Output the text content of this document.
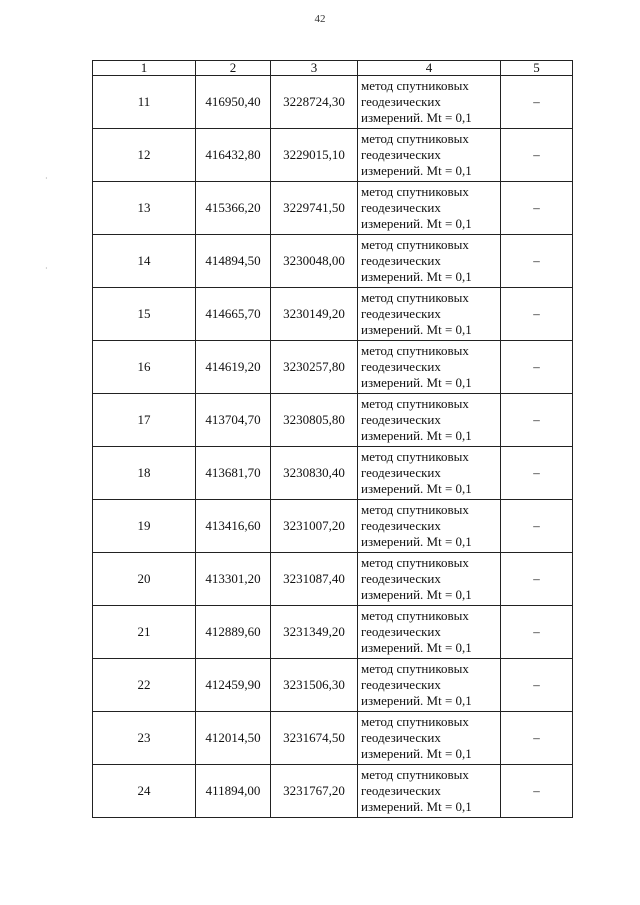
42
·
·
1	2	3	4	5
11	416950,40	3228724,30	метод спутниковых
геодезических
измерений. Mt = 0,1	–
12	416432,80	3229015,10	метод спутниковых
геодезических
измерений. Mt = 0,1	–
13	415366,20	3229741,50	метод спутниковых
геодезических
измерений. Mt = 0,1	–
14	414894,50	3230048,00	метод спутниковых
геодезических
измерений. Mt = 0,1	–
15	414665,70	3230149,20	метод спутниковых
геодезических
измерений. Mt = 0,1	–
16	414619,20	3230257,80	метод спутниковых
геодезических
измерений. Mt = 0,1	–
17	413704,70	3230805,80	метод спутниковых
геодезических
измерений. Mt = 0,1	–
18	413681,70	3230830,40	метод спутниковых
геодезических
измерений. Mt = 0,1	–
19	413416,60	3231007,20	метод спутниковых
геодезических
измерений. Mt = 0,1	–
20	413301,20	3231087,40	метод спутниковых
геодезических
измерений. Mt = 0,1	–
21	412889,60	3231349,20	метод спутниковых
геодезических
измерений. Mt = 0,1	–
22	412459,90	3231506,30	метод спутниковых
геодезических
измерений. Mt = 0,1	–
23	412014,50	3231674,50	метод спутниковых
геодезических
измерений. Mt = 0,1	–
24	411894,00	3231767,20	метод спутниковых
геодезических
измерений. Mt = 0,1	–
